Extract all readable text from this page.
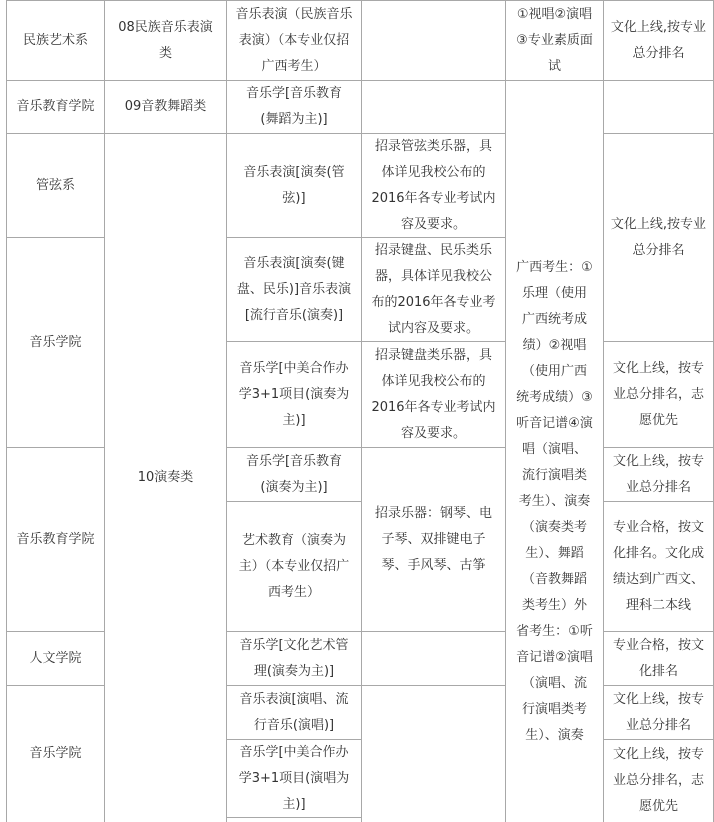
民族艺术系
08民族音乐表演类
音乐表演（民族音乐表演）（本专业仅招广西考生）
①视唱②演唱③专业素质面试
文化上线,按专业总分排名
音乐教育学院	09音教舞蹈类
音乐学[音乐教育(舞蹈为主)]
管弦系
音乐学院
音乐教育学院
人文学院
音乐学院
10演奏类
音乐表演[演奏(管弦)]
音乐表演[演奏(键盘、民乐)]音乐表演[流行音乐(演奏)]
音乐学[中美合作办学3+1项目(演奏为主)]
音乐学[音乐教育(演奏为主)]
艺术教育（演奏为主）（本专业仅招广西考生）
音乐学[文化艺术管理(演奏为主)]
音乐表演[演唱、流行音乐(演唱)]
音乐学[中美合作办学3+1项目(演唱为主)]
招录管弦类乐器，具体详见我校公布的2016年各专业考试内容及要求。
招录键盘、民乐类乐器，具体详见我校公布的2016年各专业考试内容及要求。
招录键盘类乐器，具体详见我校公布的2016年各专业考试内容及要求。
招录乐器：钢琴、电子琴、双排键电子琴、手风琴、古筝
广西考生：①乐理（使用广西统考成绩）②视唱（使用广西统考成绩）③听音记谱④演唱（演唱、流行演唱类考生）、演奏（演奏类考生）、舞蹈（音教舞蹈类考生）外省考生：①听音记谱②演唱（演唱、流行演唱类考生）、演奏
文化上线,按专业总分排名
文化上线，按专业总分排名，志愿优先
文化上线，按专业总分排名
专业合格，按文化排名。文化成绩达到广西文、理科二本线
专业合格，按文化排名
文化上线，按专业总分排名
文化上线，按专业总分排名，志愿优先
